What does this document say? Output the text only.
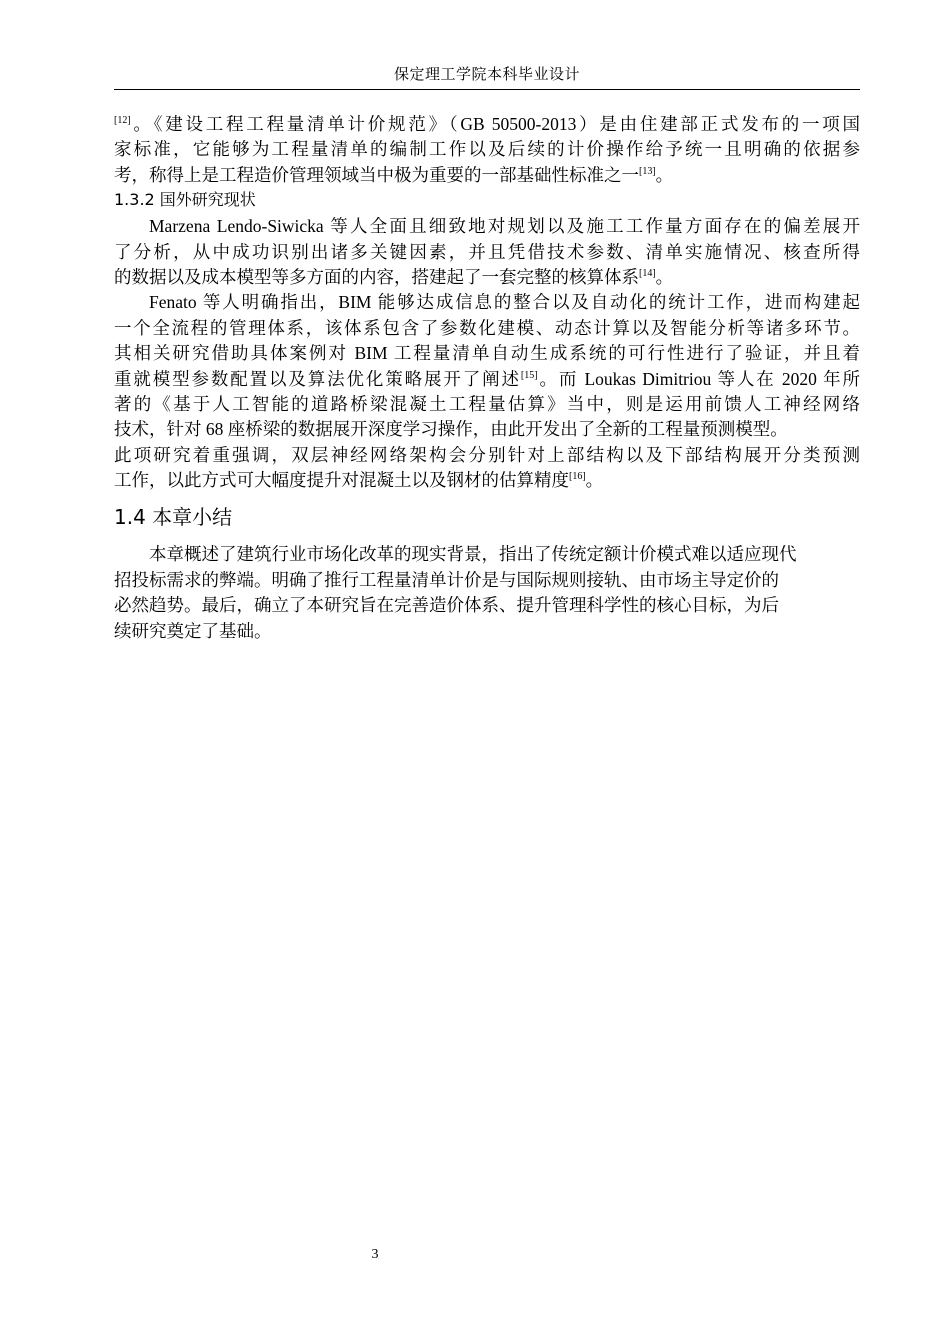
保定理工学院本科毕业设计
[12]。《建设工程工程量清单计价规范》（GB 50500-2013）是由住建部正式发布的一项国
家标准，它能够为工程量清单的编制工作以及后续的计价操作给予统一且明确的依据参
考，称得上是工程造价管理领域当中极为重要的一部基础性标准之一[13]。
1.3.2 国外研究现状
Marzena Lendo-Siwicka 等人全面且细致地对规划以及施工工作量方面存在的偏差展开
了分析，从中成功识别出诸多关键因素，并且凭借技术参数、清单实施情况、核查所得
的数据以及成本模型等多方面的内容，搭建起了一套完整的核算体系[14]。
Fenato 等人明确指出，BIM 能够达成信息的整合以及自动化的统计工作，进而构建起
一个全流程的管理体系，该体系包含了参数化建模、动态计算以及智能分析等诸多环节。
其相关研究借助具体案例对 BIM 工程量清单自动生成系统的可行性进行了验证，并且着
重就模型参数配置以及算法优化策略展开了阐述[15]。而 Loukas Dimitriou 等人在 2020 年所
著的《基于人工智能的道路桥梁混凝土工程量估算》当中，则是运用前馈人工神经网络
技术，针对 68 座桥梁的数据展开深度学习操作，由此开发出了全新的工程量预测模型。
此项研究着重强调，双层神经网络架构会分别针对上部结构以及下部结构展开分类预测
工作，以此方式可大幅度提升对混凝土以及钢材的估算精度[16]。
1.4 本章小结
本章概述了建筑行业市场化改革的现实背景，指出了传统定额计价模式难以适应现代
招投标需求的弊端。明确了推行工程量清单计价是与国际规则接轨、由市场主导定价的
必然趋势。最后，确立了本研究旨在完善造价体系、提升管理科学性的核心目标，为后
续研究奠定了基础。
3
